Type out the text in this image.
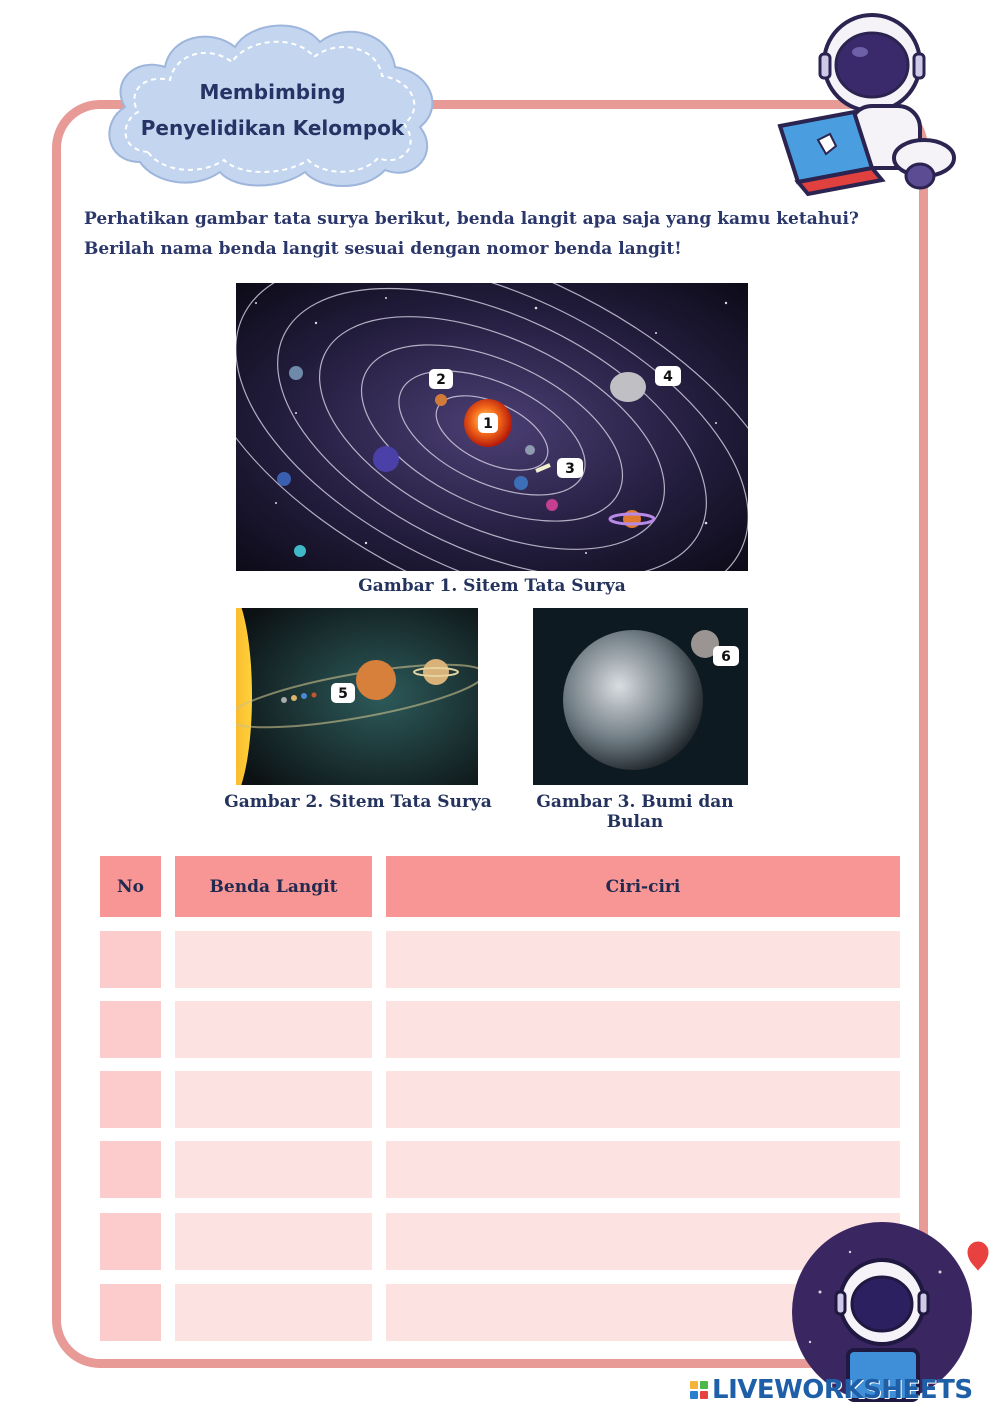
Membimbing
Penyelidikan Kelompok
Perhatikan gambar tata surya berikut, benda langit apa saja yang kamu ketahui? Berilah nama benda langit sesuai dengan nomor benda langit!
1
2
3
4
Gambar 1. Sitem Tata Surya
5
6
Gambar 2. Sitem Tata Surya	Gambar 3. Bumi dan Bulan
No	Benda Langit	Ciri-ciri
LIVEWORKSHEETS
